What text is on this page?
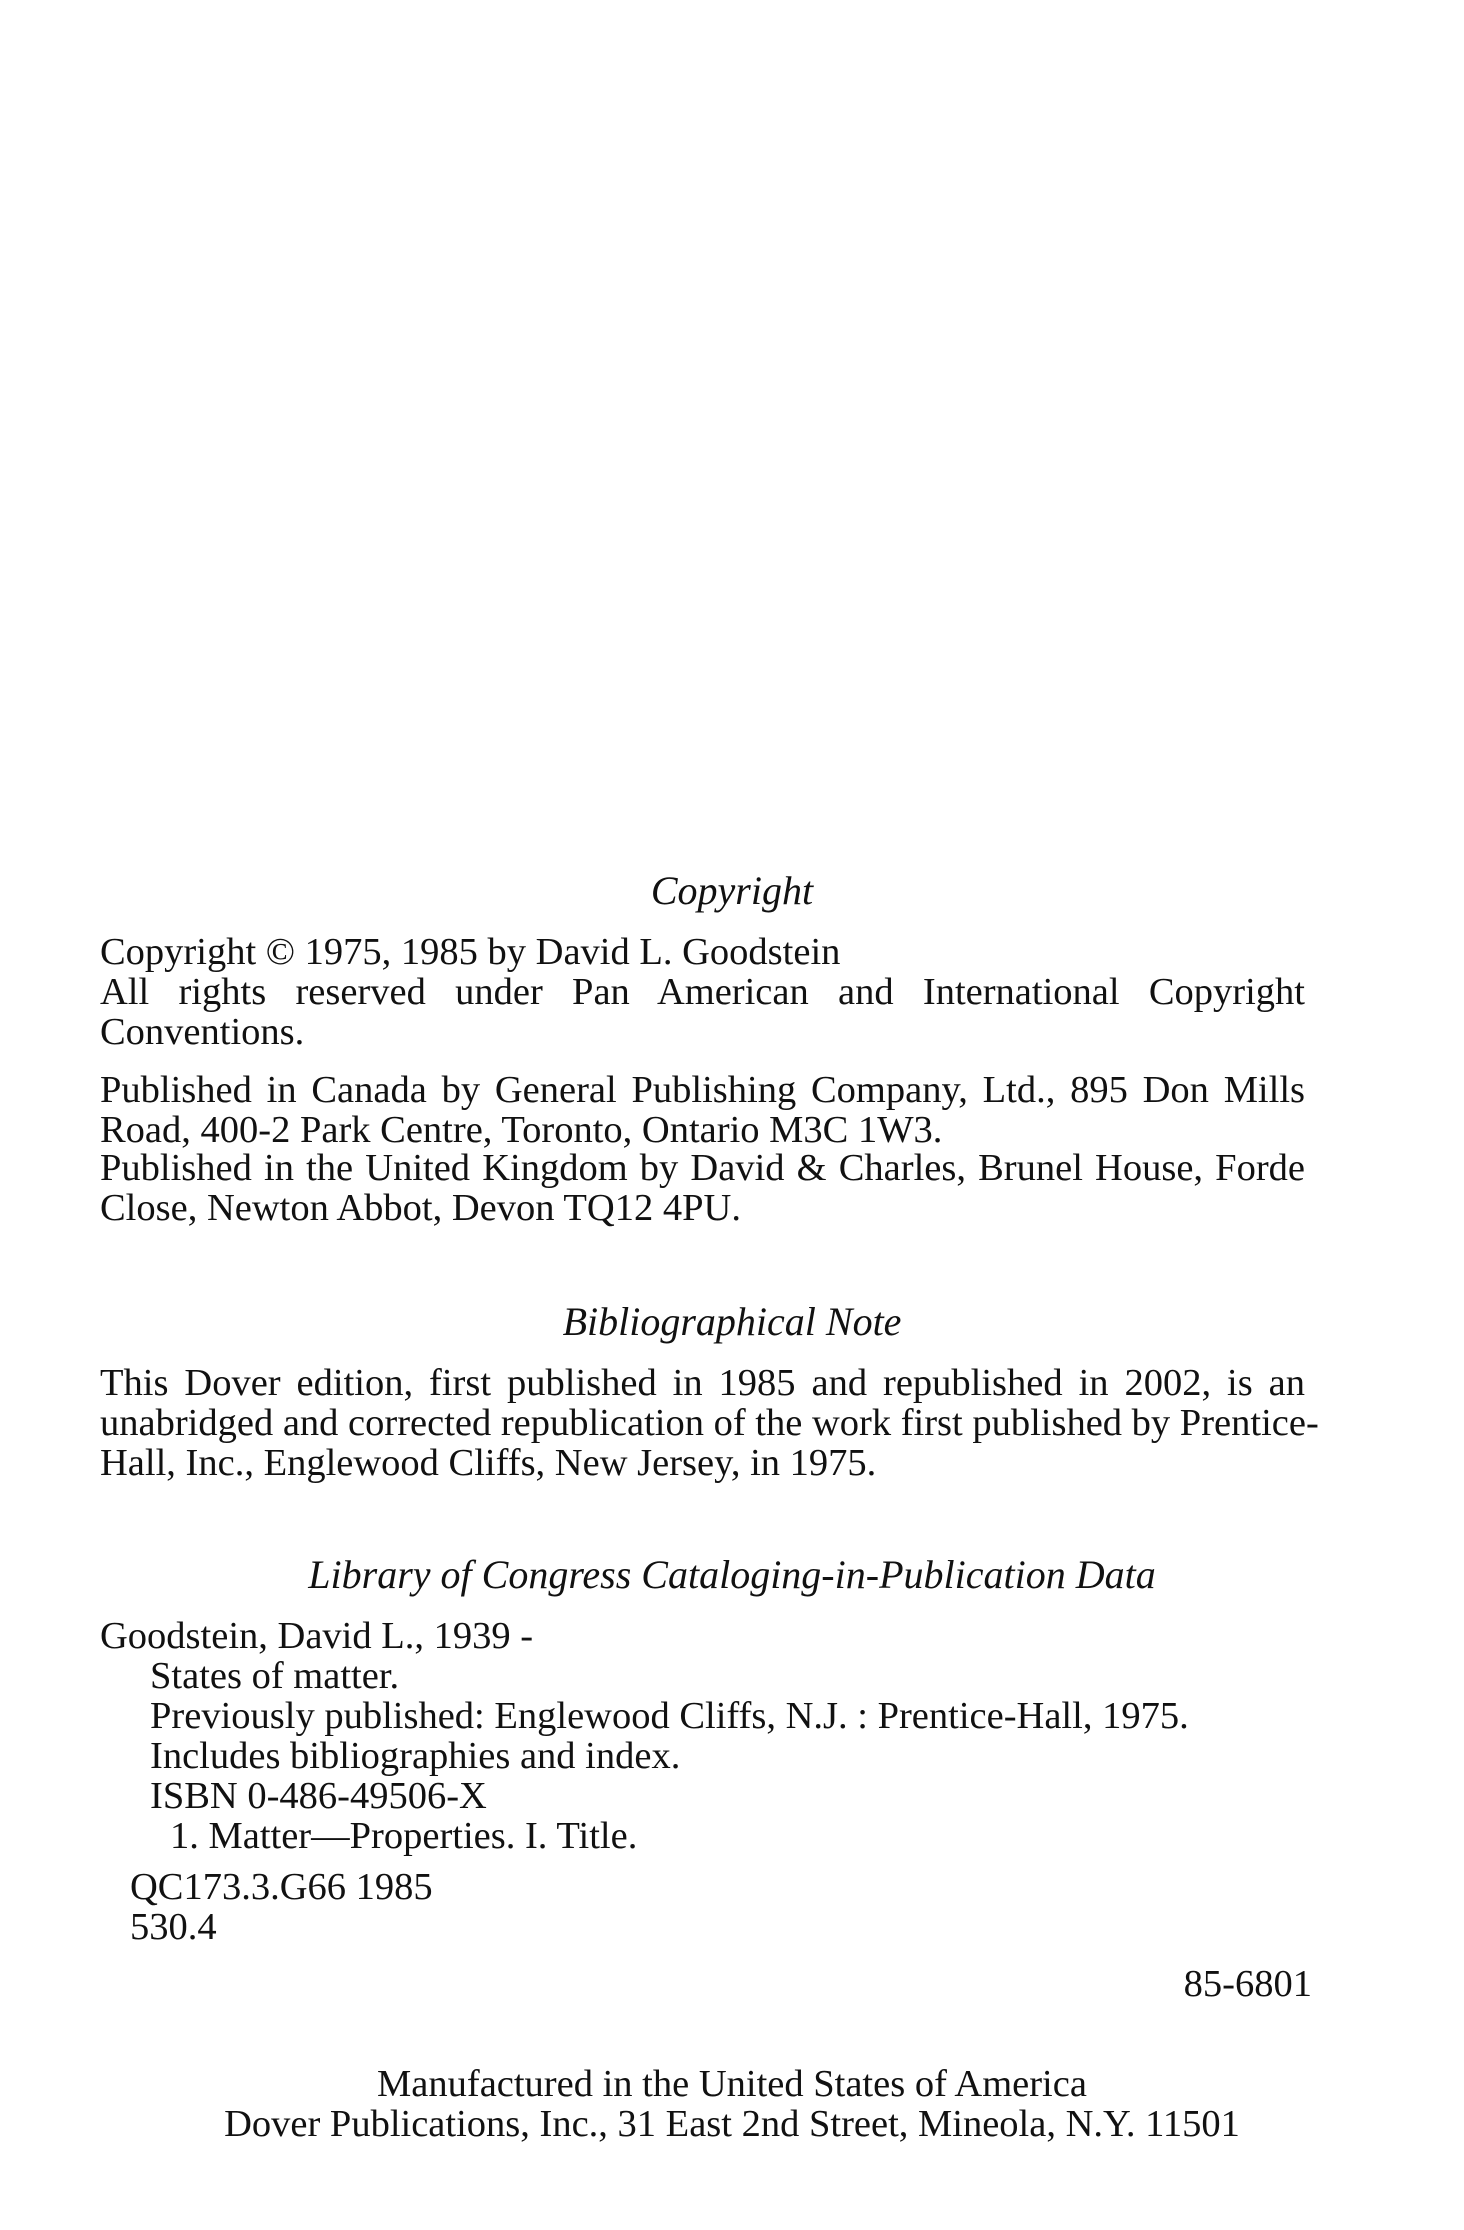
Copyright
Copyright © 1975, 1985 by David L. Goodstein
All rights reserved under Pan American and International Copyright
Conventions.
Published in Canada by General Publishing Company, Ltd., 895 Don Mills
Road, 400-2 Park Centre, Toronto, Ontario M3C 1W3.
Published in the United Kingdom by David & Charles, Brunel House, Forde
Close, Newton Abbot, Devon TQ12 4PU.
Bibliographical Note
This Dover edition, first published in 1985 and republished in 2002, is an
unabridged and corrected republication of the work first published by Prentice-
Hall, Inc., Englewood Cliffs, New Jersey, in 1975.
Library of Congress Cataloging-in-Publication Data
Goodstein, David L., 1939 -
States of matter.
Previously published: Englewood Cliffs, N.J. : Prentice-Hall, 1975.
Includes bibliographies and index.
ISBN 0-486-49506-X
1. Matter—Properties. I. Title.
QC173.3.G66 1985
530.4
85-6801
Manufactured in the United States of America
Dover Publications, Inc., 31 East 2nd Street, Mineola, N.Y. 11501
